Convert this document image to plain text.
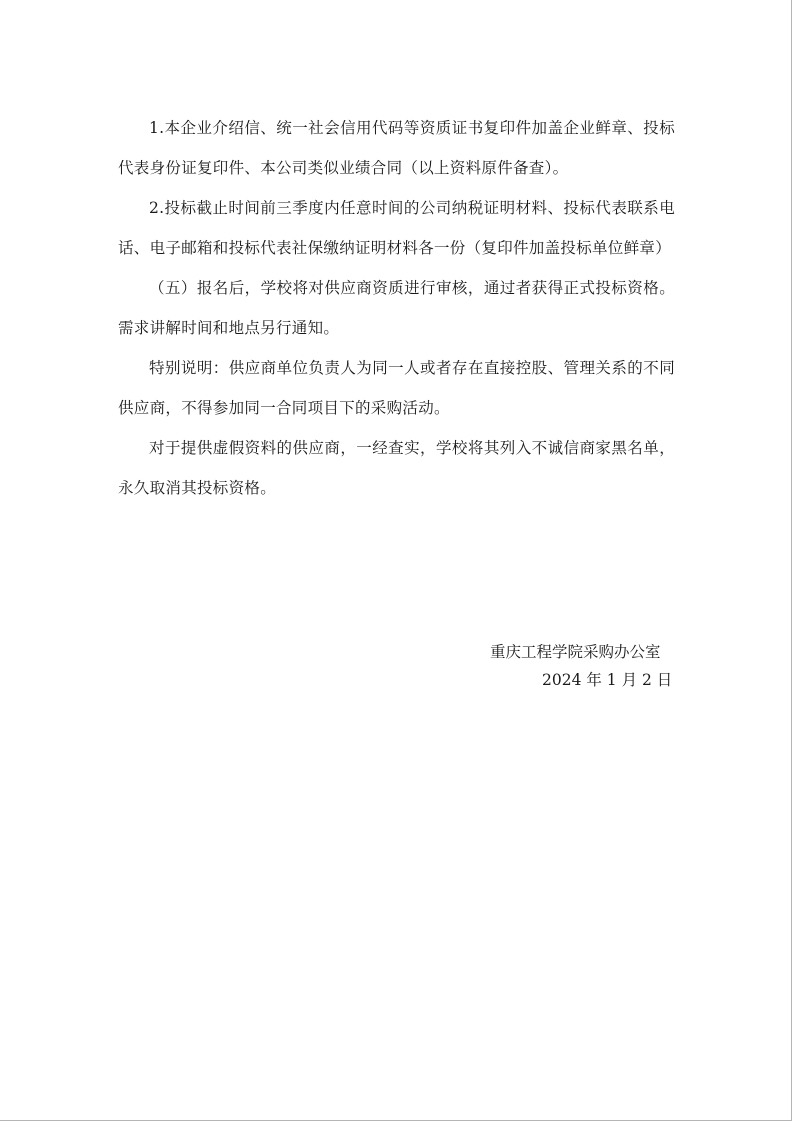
1.本企业介绍信、统一社会信用代码等资质证书复印件加盖企业鲜章、投标代表身份证复印件、本公司类似业绩合同（以上资料原件备查）。

2.投标截止时间前三季度内任意时间的公司纳税证明材料、投标代表联系电话、电子邮箱和投标代表社保缴纳证明材料各一份（复印件加盖投标单位鲜章）

（五）报名后，学校将对供应商资质进行审核，通过者获得正式投标资格。需求讲解时间和地点另行通知。

特别说明：供应商单位负责人为同一人或者存在直接控股、管理关系的不同供应商，不得参加同一合同项目下的采购活动。

对于提供虚假资料的供应商，一经查实，学校将其列入不诚信商家黑名单，永久取消其投标资格。

重庆工程学院采购办公室
2024 年 1 月 2 日
